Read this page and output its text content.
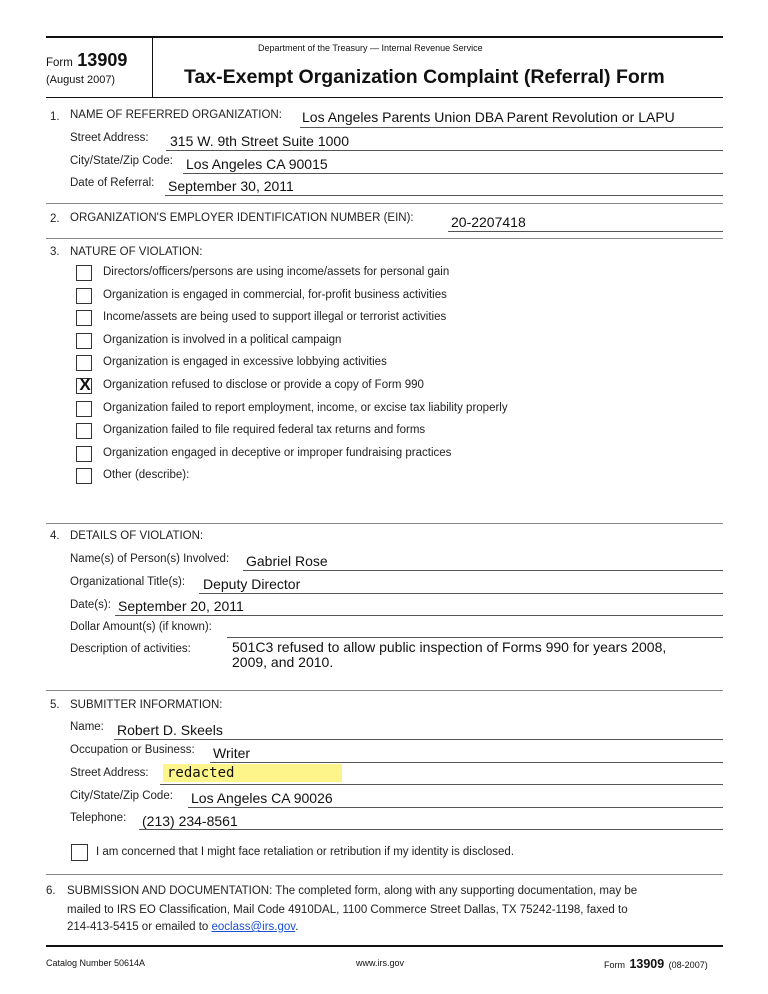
Form 13909
(August 2007)
Department of the Treasury — Internal Revenue Service
Tax-Exempt Organization Complaint (Referral) Form
1. NAME OF REFERRED ORGANIZATION: Los Angeles Parents Union DBA Parent Revolution or LAPU
Street Address: 315 W. 9th Street Suite 1000
City/State/Zip Code: Los Angeles CA 90015
Date of Referral: September 30, 2011
2. ORGANIZATION'S EMPLOYER IDENTIFICATION NUMBER (EIN):	20-2207418
3. NATURE OF VIOLATION:
Directors/officers/persons are using income/assets for personal gain
Organization is engaged in commercial, for-profit business activities
Income/assets are being used to support illegal or terrorist activities
Organization is involved in a political campaign
Organization is engaged in excessive lobbying activities
X Organization refused to disclose or provide a copy of Form 990
Organization failed to report employment, income, or excise tax liability properly
Organization failed to file required federal tax returns and forms
Organization engaged in deceptive or improper fundraising practices
Other (describe):
4. DETAILS OF VIOLATION:
Name(s) of Person(s) Involved: Gabriel Rose
Organizational Title(s): Deputy Director
Date(s): September 20, 2011
Dollar Amount(s) (if known):
Description of activities:	501C3 refused to allow public inspection of Forms 990 for years 2008,
2009, and 2010.
5. SUBMITTER INFORMATION:
Name: Robert D. Skeels
Occupation or Business: Writer
Street Address: redacted
City/State/Zip Code: Los Angeles CA 90026
Telephone: (213) 234-8561
I am concerned that I might face retaliation or retribution if my identity is disclosed.
6. SUBMISSION AND DOCUMENTATION: The completed form, along with any supporting documentation, may be
mailed to IRS EO Classification, Mail Code 4910DAL, 1100 Commerce Street Dallas, TX 75242-1198, faxed to
214-413-5415 or emailed to eoclass@irs.gov.
Catalog Number 50614A	www.irs.gov	Form 13909 (08-2007)
